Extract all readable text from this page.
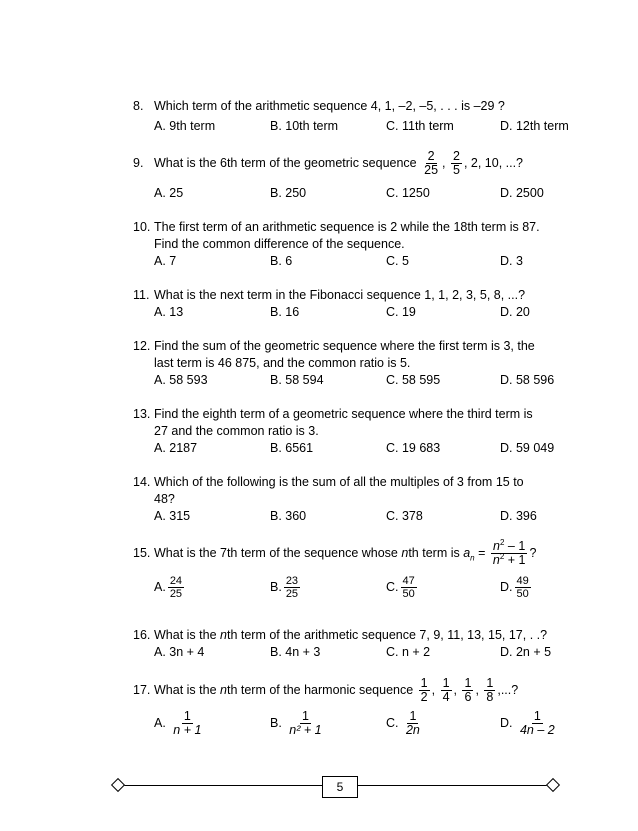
8. Which term of the arithmetic sequence 4, 1, –2, –5, . . . is –29 ?
A. 9th term	B. 10th term	C. 11th term	D. 12th term
9. What is the 6th term of the geometric sequence $\frac{2}{25}$ , $\frac{2}{5}$ , 2, 10, ...?
A. 25	B. 250	C. 1250	D. 2500
10. The first term of an arithmetic sequence is 2 while the 18th term is 87.
Find the common difference of the sequence.
A. 7	B. 6	C. 5	D. 3
11. What is the next term in the Fibonacci sequence 1, 1, 2, 3, 5, 8, ...?
A. 13	B. 16	C. 19	D. 20
12. Find the sum of the geometric sequence where the first term is 3, the
last term is 46 875, and the common ratio is 5.
A. 58 593	B. 58 594	C. 58 595	D. 58 596
13. Find the eighth term of a geometric sequence where the third term is
27 and the common ratio is 3.
A. 2187	B. 6561	C. 19 683	D. 59 049
14. Which of the following is the sum of all the multiples of 3 from 15 to
48?
A. 315	B. 360	C. 378	D. 396
15. What is the 7th term of the sequence whose nth term is $a_n = \frac{n^2 - 1}{n^2 + 1}$ ?
A. $\frac{24}{25}$	B. $\frac{23}{25}$	C. $\frac{47}{50}$	D. $\frac{49}{50}$
16. What is the nth term of the arithmetic sequence 7, 9, 11, 13, 15, 17, . .?
A. 3n + 4	B. 4n + 3	C. n + 2	D. 2n + 5
17. What is the nth term of the harmonic sequence $\frac{1}{2}$ , $\frac{1}{4}$ , $\frac{1}{6}$ , $\frac{1}{8}$ ,...?
A. $\frac{1}{n + 1}$	B. $\frac{1}{\text{n² + 1}}$	C. $\frac{1}{2n}$	D. $\frac{1}{4n - 2}$
5
